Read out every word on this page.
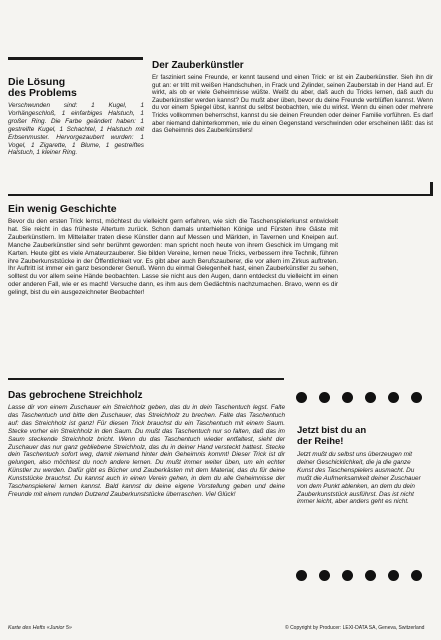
Die Lösung
des Problems

Verschwunden sind: 1 Kugel, 1 Vorhängeschloß, 1 einfarbiges Halstuch, 1 großer Ring. Die Farbe geändert haben: 1 gestreifte Kugel, 1 Schachtel, 1 Halstuch mit Erbsenmuster. Hervorgezaubert wurden: 1 Vogel, 1 Zigarette, 1 Blume, 1 gestreiftes Halstuch, 1 kleiner Ring.

Der Zauberkünstler

Er fasziniert seine Freunde, er kennt tausend und einen Trick: er ist ein Zauberkünstler. Sieh ihn dir gut an: er tritt mit weißen Handschuhen, in Frack und Zylinder, seinen Zauberstab in der Hand auf. Er wirkt, als ob er viele Geheimnisse wüßte. Weißt du aber, daß auch du Tricks lernen, daß auch du Zauberkünstler werden kannst? Du mußt aber üben, bevor du deine Freunde verblüffen kannst. Wenn du vor einem Spiegel übst, kannst du selbst beobachten, wie du wirkst. Wenn du einen oder mehrere Tricks vollkommen beherrschst, kannst du sie deinen Freunden oder deiner Familie vorführen. Es darf aber niemand dahinterkommen, wie du einen Gegenstand verschwinden oder erscheinen läßt: das ist das Geheimnis des Zauberkünstlers!

Ein wenig Geschichte

Bevor du den ersten Trick lernst, möchtest du vielleicht gern erfahren, wie sich die Taschenspielerkunst entwickelt hat. Sie reicht in das früheste Altertum zurück. Schon damals unterhielten Könige und Fürsten ihre Gäste mit Zauberkünstlern. Im Mittelalter traten diese Künstler dann auf Messen und Märkten, in Tavernen und Kneipen auf. Manche Zauberkünstler sind sehr berühmt geworden: man spricht noch heute von ihrem Geschick im Umgang mit Karten. Heute gibt es viele Amateurzauberer. Sie bilden Vereine, lernen neue Tricks, verbessern ihre Technik, führen ihre Zauberkunststücke in der Öffentlichkeit vor. Es gibt aber auch Berufszauberer, die vor allem im Zirkus auftreten. Ihr Auftritt ist immer ein ganz besonderer Genuß. Wenn du einmal Gelegenheit hast, einen Zauberkünstler zu sehen, solltest du vor allem seine Hände beobachten. Lasse sie nicht aus den Augen, dann entdeckst du vielleicht im einen oder anderen Fall, wie er es macht! Versuche dann, es ihm aus dem Gedächtnis nachzumachen. Bravo, wenn es dir gelingt, bist du ein ausgezeichneter Beobachter!

Das gebrochene Streichholz

Lasse dir von einem Zuschauer ein Streichholz geben, das du in dein Taschentuch legst. Falte das Taschentuch und bitte den Zuschauer, das Streichholz zu brechen. Falte das Taschentuch auf: das Streichholz ist ganz! Für diesen Trick brauchst du ein Taschentuch mit einem Saum. Stecke vorher ein Streichholz in den Saum. Du mußt das Taschentuch nur so falten, daß das im Saum steckende Streichholz bricht. Wenn du das Taschentuch wieder entfaltest, sieht der Zuschauer das nur ganz gebliebene Streichholz, das du in deiner Hand versteckt hattest. Stecke dein Taschentuch sofort weg, damit niemand hinter dein Geheimnis kommt! Dieser Trick ist dir gelungen, also möchtest du noch andere lernen. Du mußt immer weiter üben, um ein echter Künstler zu werden. Dafür gibt es Bücher und Zauberkästen mit dem Material, das du für deine Kunststücke brauchst. Du kannst auch in einen Verein gehen, in dem du alle Geheimnisse der Taschenspielerei lernen kannst. Bald kannst du deine eigene Vorstellung geben und deine Freunde mit einem runden Dutzend Zauberkunststücke überraschen. Viel Glück!

Jetzt bist du an
der Reihe!

Jetzt mußt du selbst uns überzeugen mit deiner Geschicklichkeit, die ja die ganze Kunst des Taschenspielers ausmacht. Du mußt die Aufmerksamkeit deiner Zuschauer von dem Punkt ablenken, an dem du dein Zauberkunststück ausführst. Das ist nicht immer leicht, aber anders geht es nicht.

Karte des Hefts «Junior 5»	© Copyright by Producer: LEXI-DATA SA, Geneva, Switzerland
